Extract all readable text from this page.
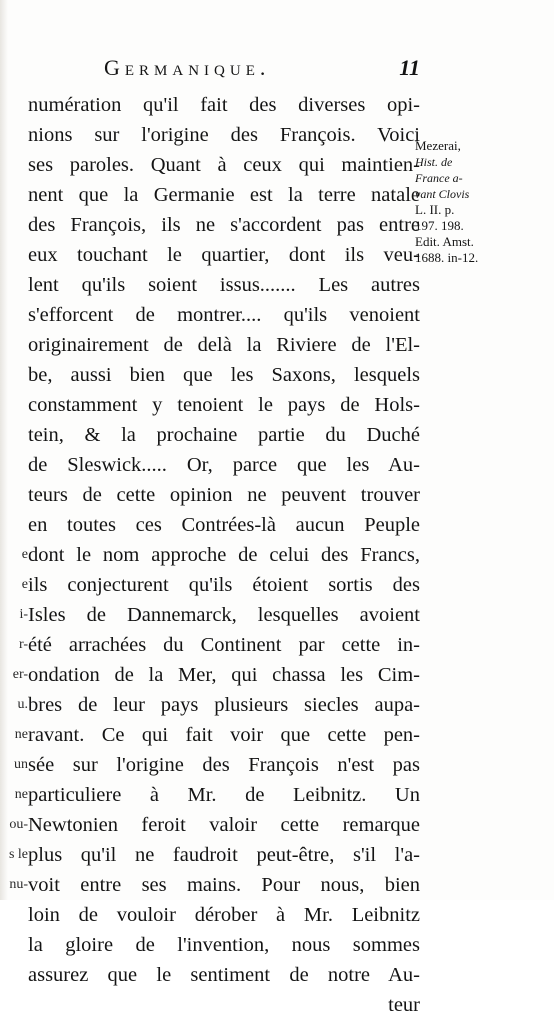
Germanique.	11
numération qu'il fait des diverses opi-
nions sur l'origine des François. Voici
ses paroles. Quant à ceux qui maintien-
nent que la Germanie est la terre natale
des François, ils ne s'accordent pas entre
eux touchant le quartier, dont ils veu-
lent qu'ils soient issus....... Les autres
s'efforcent de montrer.... qu'ils venoient
originairement de delà la Riviere de l'El-
be, aussi bien que les Saxons, lesquels
constamment y tenoient le pays de Hols-
tein, & la prochaine partie du Duché
de Sleswick..... Or, parce que les Au-
teurs de cette opinion ne peuvent trouver
en toutes ces Contrées-là aucun Peuple
dont le nom approche de celui des Francs,
ils conjecturent qu'ils étoient sortis des
Isles de Dannemarck, lesquelles avoient
été arrachées du Continent par cette in-
ondation de la Mer, qui chassa les Cim-
bres de leur pays plusieurs siecles aupa-
ravant. Ce qui fait voir que cette pen-
sée sur l'origine des François n'est pas
particuliere à Mr. de Leibnitz. Un
Newtonien feroit valoir cette remarque
plus qu'il ne faudroit peut-être, s'il l'a-
voit entre ses mains. Pour nous, bien
loin de vouloir dérober à Mr. Leibnitz
la gloire de l'invention, nous sommes
assurez que le sentiment de notre Au-
teur
Mezerai,
Hist. de
France a-
vant Clovis
L. II. p.
197. 198.
Edit. Amst.
1688. in-12.
e
e
i-
r-
er-
u.
ne
un
ne
ou-
s le
nu-
